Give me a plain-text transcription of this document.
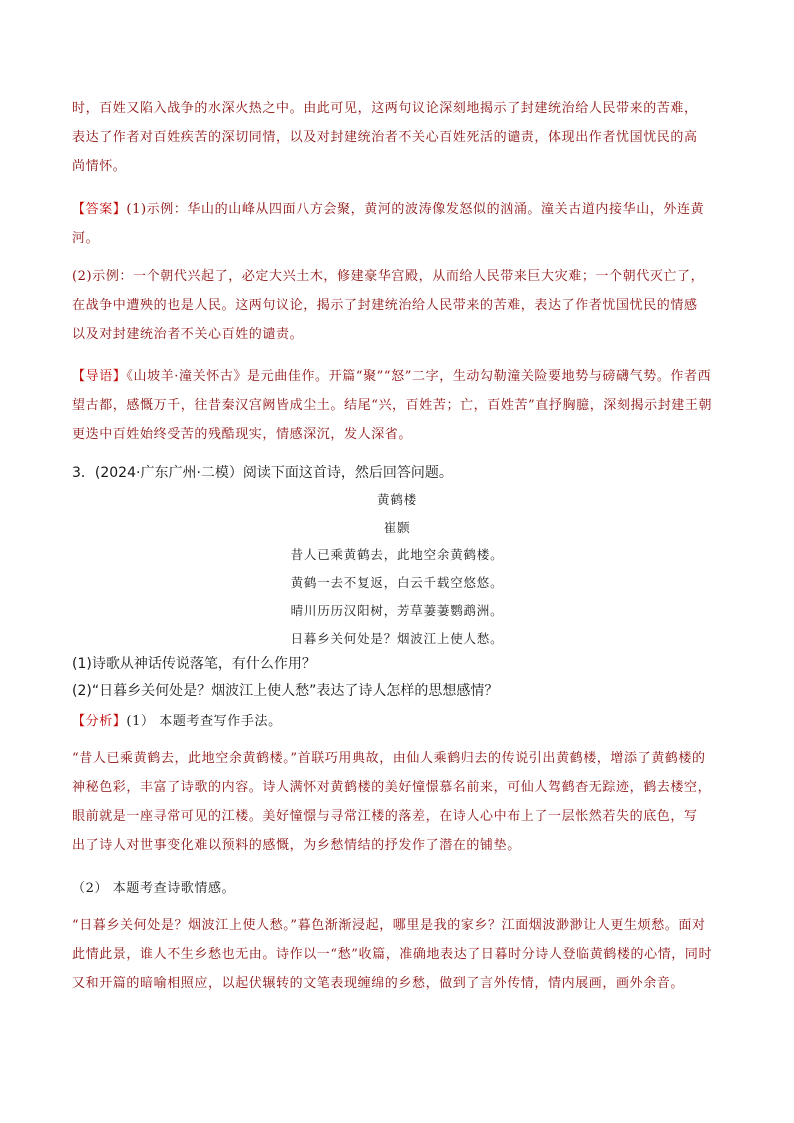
时，百姓又陷入战争的水深火热之中。由此可见，这两句议论深刻地揭示了封建统治给人民带来的苦难，
表达了作者对百姓疾苦的深切同情，以及对封建统治者不关心百姓死活的谴责，体现出作者忧国忧民的高
尚情怀。
【答案】(1)示例：华山的山峰从四面八方会聚，黄河的波涛像发怒似的汹涌。潼关古道内接华山，外连黄
河。
(2)示例：一个朝代兴起了，必定大兴土木，修建豪华宫殿，从而给人民带来巨大灾难；一个朝代灭亡了，
在战争中遭殃的也是人民。这两句议论，揭示了封建统治给人民带来的苦难，表达了作者忧国忧民的情感
以及对封建统治者不关心百姓的谴责。
【导语】《山坡羊·潼关怀古》是元曲佳作。开篇“聚”“怒”二字，生动勾勒潼关险要地势与磅礴气势。作者西
望古都，感慨万千，往昔秦汉宫阙皆成尘土。结尾“兴，百姓苦；亡，百姓苦”直抒胸臆，深刻揭示封建王朝
更迭中百姓始终受苦的残酷现实，情感深沉，发人深省。
3．(2024·广东广州·二模）阅读下面这首诗，然后回答问题。
黄鹤楼
崔颢
昔人已乘黄鹤去，此地空余黄鹤楼。
黄鹤一去不复返，白云千载空悠悠。
晴川历历汉阳树，芳草萋萋鹦鹉洲。
日暮乡关何处是？烟波江上使人愁。
(1)诗歌从神话传说落笔，有什么作用？
(2)“日暮乡关何处是？烟波江上使人愁”表达了诗人怎样的思想感情？
【分析】(1） 本题考查写作手法。
“昔人已乘黄鹤去，此地空余黄鹤楼。”首联巧用典故，由仙人乘鹤归去的传说引出黄鹤楼，增添了黄鹤楼的
神秘色彩，丰富了诗歌的内容。诗人满怀对黄鹤楼的美好憧憬慕名前来，可仙人驾鹤杳无踪迹，鹤去楼空，
眼前就是一座寻常可见的江楼。美好憧憬与寻常江楼的落差，在诗人心中布上了一层怅然若失的底色，写
出了诗人对世事变化难以预料的感慨，为乡愁情结的抒发作了潜在的铺垫。
（2） 本题考查诗歌情感。
“日暮乡关何处是？烟波江上使人愁。”暮色渐渐浸起，哪里是我的家乡？江面烟波渺渺让人更生烦愁。面对
此情此景，谁人不生乡愁也无由。诗作以一“愁”收篇，准确地表达了日暮时分诗人登临黄鹤楼的心情，同时
又和开篇的暗喻相照应，以起伏辗转的文笔表现缠绵的乡愁，做到了言外传情，情内展画，画外余音。
